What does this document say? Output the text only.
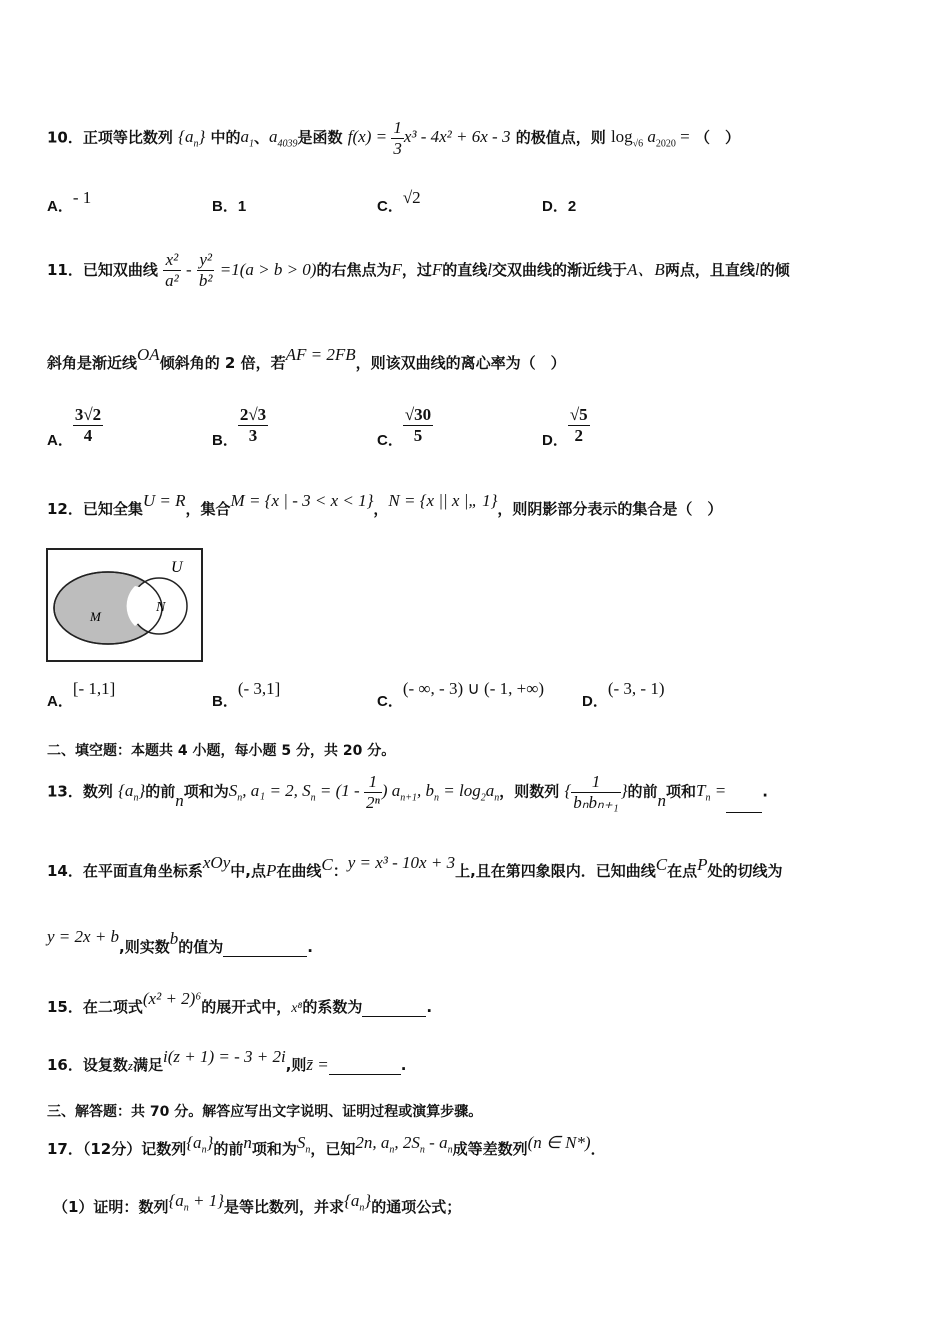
10．正项等比数列 $\{a_n\}$ 中的$a_1$、$a_{4039}$是函数 $f(x) = \frac{1}{3} x^3 - 4x^2 + 6x - 3$ 的极值点，则 $\log_{√6} a_{2020}$ = （　）
A．- 1	B．1	C．√2	D．2
11．已知双曲线 $\frac{\text{x²}}{\text{a²}} - \frac{\text{y²}}{\text{b²}} =1(a > b > 0)$的右焦点为F，过F的直线l交双曲线的渐近线于A、B两点，且直线l的倾
斜角是渐近线OA倾斜角的 2 倍，若AF = 2FB，则该双曲线的离心率为（　）
A． $\frac{3√2}{4}$	B． $\frac{2√3}{3}$	C． $\frac{√30}{5}$	D． $\frac{√5}{2}$
12．已知全集U = R，集合M = {x | - 3 < x < 1}，N = {x || x |„ 1}，则阴影部分表示的集合是（　）
U
M
N
A．[- 1,1]
B．(- 3,1]
C．(- ∞, - 3) ∪ (- 1, +∞)
D．(- 3, - 1)
二、填空题：本题共 4 小题，每小题 5 分，共 20 分。
13．数列 $\{a_n\}$的前n项和为$S_n$, a₁ = 2, $S_n = (1 - \frac{1}{\text{2ⁿ}}$ ) $a_{n+1}$, $b_n = \log_2a_n$，则数列 { $\frac{1}{\text{bₙbₙ₊₁}}$ }的前n项和$T_n$ = .
14．在平面直角坐标系xOy中,点P在曲线C：y = x³ - 10x + 3上,且在第四象限内．已知曲线C在点P处的切线为
y = 2x + b,则实数b的值为	.
15．在二项式(x² + 2)⁶的展开式中，x⁸的系数为	.
16．设复数z满足i(z + 1) = - 3 + 2i,则z̄ =	.
三、解答题：共 70 分。解答应写出文字说明、证明过程或演算步骤。
17．（12分）记数列$\{a_n\}$的前n项和为$S_n$，已知2n, $a_n$, $2S_n - a_n$成等差数列(n ∈ N*)．
（1）证明：数列$\{a_n + 1\}$是等比数列，并求$\{a_n\}$的通项公式；
